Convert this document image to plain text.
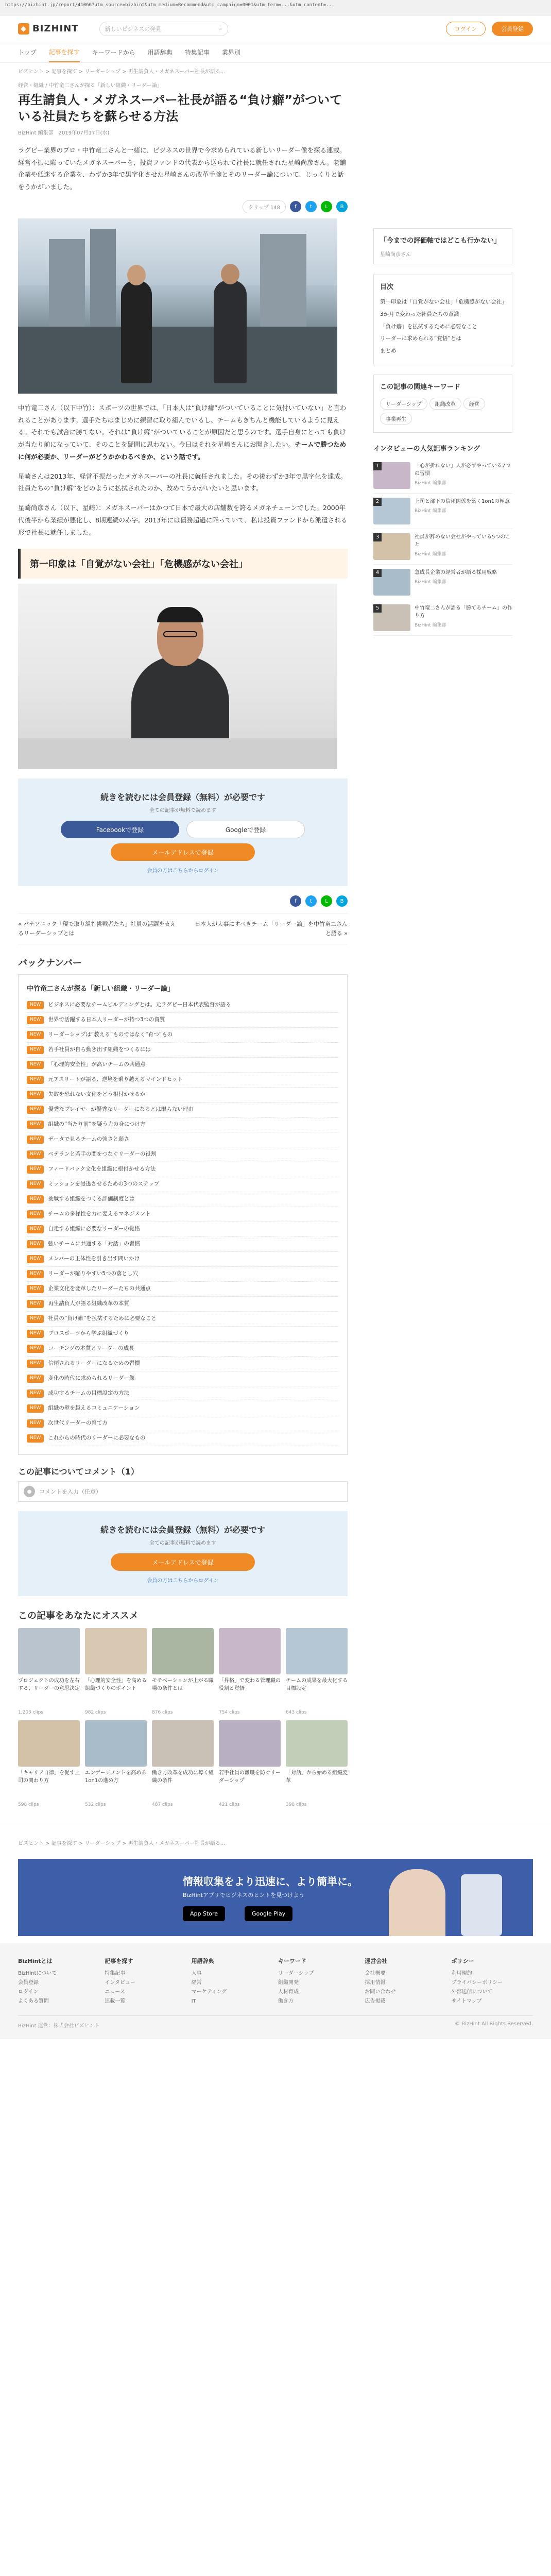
https://bizhint.jp/report/41066?utm_source=bizhint&utm_medium=Recommend&utm_campaign=0001&utm_term=...&utm_content=...
◆ BIZHINT	新しいビジネスの発見	⌕	ログイン	会員登録
トップ 記事を探す キーワードから 用語辞典 特集記事 業界別
ビズヒント > 記事を探す > リーダーシップ > 再生請負人・メガネスーパー社長が語る...
経営・組織 / 中竹竜二さんが探る「新しい組織・リーダー論」
再生請負人・メガネスーパー社長が語る“負け癖”がついている社員たちを蘇らせる方法
BizHint 編集部　2019年07月17日(水)
ラグビー業界のプロ・中竹竜二さんと一緒に、ビジネスの世界で今求められている新しいリーダー像を探る連載。経営不振に陥っていたメガネスーパーを、投資ファンドの代表から送られて社長に就任された星崎尚彦さん。老舗企業や低迷する企業を、わずか3年で黒字化させた星崎さんの改革手腕とそのリーダー論について、じっくりと話をうかがいました。
クリップ 148	f	t	L	B
中竹竜二さん（以下中竹）：スポーツの世界では、「日本人は“負け癖”がついていることに気付いていない」と言われることがあります。選手たちはまじめに練習に取り組んでいるし、チームもきちんと機能しているように見える。それでも試合に勝てない。それは“負け癖”がついていることが原因だと思うのです。選手自身にとっても負けが当たり前になっていて、そのことを疑問に思わない。今日はそれを星崎さんにお聞きしたい。チームで勝つために何が必要か、リーダーがどうかかわるべきか、という話です。
星崎さんは2013年、経営不振だったメガネスーパーの社長に就任されました。その後わずか3年で黒字化を達成。社員たちの“負け癖”をどのように払拭されたのか、改めてうかがいたいと思います。
星崎尚彦さん（以下、星崎）：メガネスーパーはかつて日本で最大の店舗数を誇るメガネチェーンでした。2000年代後半から業績が悪化し、8期連続の赤字。2013年には債務超過に陥っていて、私は投資ファンドから派遣される形で社長に就任しました。
第一印象は「自覚がない会社」「危機感がない会社」
続きを読むには会員登録（無料）が必要です
全ての記事が無料で読めます
Facebookで登録	Googleで登録
メールアドレスで登録
会員の方はこちらからログイン
f	t	L	B
« パナソニック「現で取り組む挑戦者たち」社員の活躍を支えるリーダーシップとは
日本人が大事にすべきチーム「リーダー論」を中竹竜二さんと語る »
バックナンバー
中竹竜二さんが探る「新しい組織・リーダー論」
NEW	ビジネスに必要なチームビルディングとは。元ラグビー日本代表監督が語る
NEW	世界で活躍する日本人リーダーが持つ3つの資質
NEW	リーダーシップは“教える”ものではなく“育つ”もの
NEW	若手社員が自ら動き出す組織をつくるには
NEW	「心理的安全性」が高いチームの共通点
NEW	元アスリートが語る、逆境を乗り越えるマインドセット
NEW	失敗を恐れない文化をどう根付かせるか
NEW	優秀なプレイヤーが優秀なリーダーになるとは限らない理由
NEW	組織の“当たり前”を疑う力の身につけ方
NEW	データで見るチームの強さと弱さ
NEW	ベテランと若手の間をつなぐリーダーの役割
NEW	フィードバック文化を組織に根付かせる方法
NEW	ミッションを浸透させるための3つのステップ
NEW	挑戦する組織をつくる評価制度とは
NEW	チームの多様性を力に変えるマネジメント
NEW	自走する組織に必要なリーダーの覚悟
NEW	強いチームに共通する「対話」の習慣
NEW	メンバーの主体性を引き出す問いかけ
NEW	リーダーが陥りやすい5つの落とし穴
NEW	企業文化を変革したリーダーたちの共通点
NEW	再生請負人が語る組織改革の本質
NEW	社員の“負け癖”を払拭するために必要なこと
NEW	プロスポーツから学ぶ組織づくり
NEW	コーチングの本質とリーダーの成長
NEW	信頼されるリーダーになるための習慣
NEW	変化の時代に求められるリーダー像
NEW	成功するチームの目標設定の方法
NEW	組織の壁を越えるコミュニケーション
NEW	次世代リーダーの育て方
NEW	これからの時代のリーダーに必要なもの
この記事についてコメント（1）
●	コメントを入力（任意）
続きを読むには会員登録（無料）が必要です
全ての記事が無料で読めます
メールアドレスで登録
会員の方はこちらからログイン
この記事をあなたにオススメ
プロジェクトの成功を左右する、リーダーの意思決定
1,203 clips
「心理的安全性」を高める組織づくりのポイント
982 clips
モチベーションが上がる職場の条件とは
876 clips
「昇格」で変わる管理職の役割と覚悟
754 clips
チームの成果を最大化する目標設定
643 clips
「キャリア自律」を促す上司の関わり方
598 clips
エンゲージメントを高める1on1の進め方
532 clips
働き方改革を成功に導く組織の条件
487 clips
若手社員の離職を防ぐリーダーシップ
421 clips
「対話」から始める組織変革
398 clips
「今までの評価軸ではどこも行かない」
星崎尚彦さん
目次
第一印象は「自覚がない会社」「危機感がない会社」
3か月で変わった社員たちの意識
「負け癖」を払拭するために必要なこと
リーダーに求められる“覚悟”とは
まとめ
この記事の関連キーワード
リーダーシップ	組織改革	経営事業再生
インタビューの人気記事ランキング
1	「心が折れない」人が必ずやっている7つの習慣
BizHint 編集部
2	上司と部下の信頼関係を築く1on1の極意
BizHint 編集部
3	社員が辞めない会社がやっている5つのこと
BizHint 編集部
4	急成長企業の経営者が語る採用戦略
BizHint 編集部
5	中竹竜二さんが語る「勝てるチーム」の作り方
BizHint 編集部
ビズヒント > 記事を探す > リーダーシップ > 再生請負人・メガネスーパー社長が語る...
情報収集をより迅速に、より簡単に。
BizHintアプリでビジネスのヒントを見つけよう
App Store	Google Play
BizHintとは
BizHintについて
会員登録
ログイン
よくある質問
記事を探す
特集記事
インタビュー
ニュース
連載一覧
用語辞典
人事
経営
マーケティング
IT
キーワード
リーダーシップ
組織開発
人材育成
働き方
運営会社
会社概要
採用情報
お問い合わせ
広告掲載
ポリシー
利用規約
プライバシーポリシー
外部送信について
サイトマップ
BizHint 運営：株式会社ビズヒント	© BizHint All Rights Reserved.
